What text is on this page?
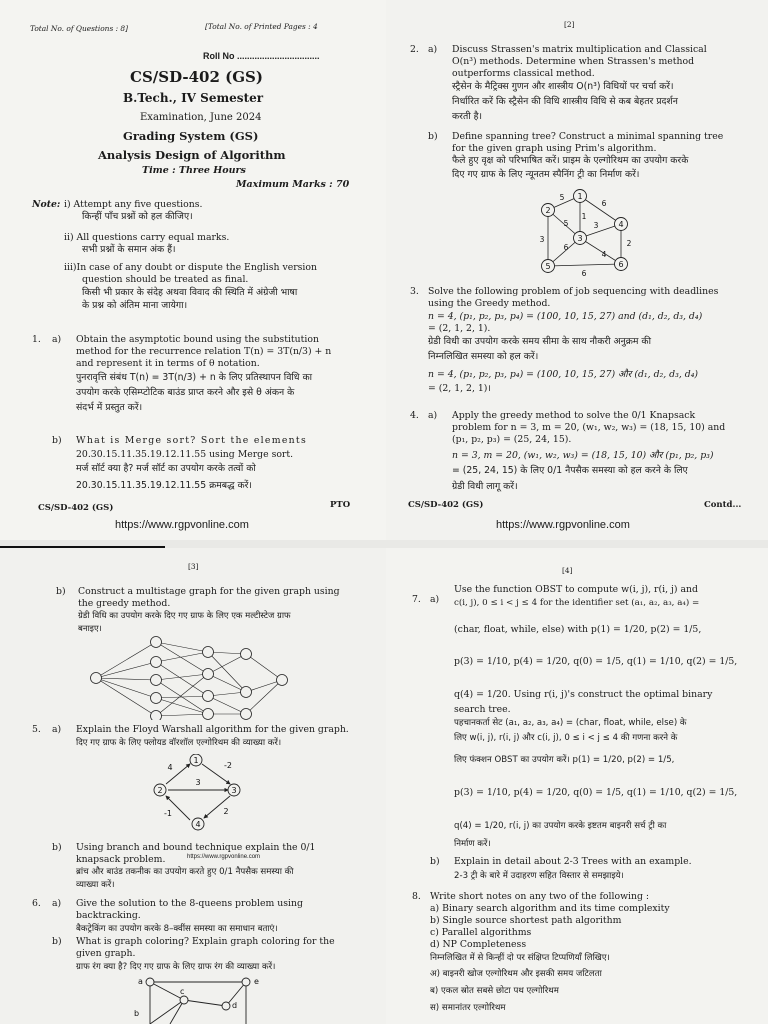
Total No. of Questions : 8]	[Total No. of Printed Pages : 4
Roll No .................................
CS/SD-402 (GS)
B.Tech., IV Semester
Examination, June 2024
Grading System (GS)
Analysis Design of Algorithm
Time : Three Hours
Maximum Marks : 70
Note: i) Attempt any five questions.
किन्हीं पाँच प्रश्नों को हल कीजिए।
ii) All questions carry equal marks.
सभी प्रश्नों के समान अंक हैं।
iii)In case of any doubt or dispute the English version
question should be treated as final.
किसी भी प्रकार के संदेह अथवा विवाद की स्थिति में अंग्रेजी भाषा
के प्रश्न को अंतिम माना जायेगा।
1. a) Obtain the asymptotic bound using the substitution
method for the recurrence relation T(n) = 3T(n/3) + n
and represent it in terms of θ notation.
पुनरावृत्ति संबंध T(n) = 3T(n/3) + n के लिए प्रतिस्थापन विधि का
उपयोग करके एसिम्प्टोटिक बाउंड प्राप्त करने और इसे θ अंकन के
संदर्भ में प्रस्तुत करें।
b) What is Merge sort? Sort the elements
20.30.15.11.35.19.12.11.55 using Merge sort.
मर्ज सॉर्ट क्या है? मर्ज सॉर्ट का उपयोग करके तत्वों को
20.30.15.11.35.19.12.11.55 क्रमबद्ध करें।
CS/SD-402 (GS)	PTO
https://www.rgpvonline.com
[2]
2. a) Discuss Strassen's matrix multiplication and Classical
O(n³) methods. Determine when Strassen's method
outperforms classical method.
स्ट्रैसेन के मैट्रिक्स गुणन और शास्त्रीय O(n³) विधियों पर चर्चा करें।
निर्धारित करें कि स्ट्रैसेन की विधि शास्त्रीय विधि से कब बेहतर प्रदर्शन
करती है।
b) Define spanning tree? Construct a minimal spanning tree
for the given graph using Prim's algorithm.
फैले हुए वृक्ष को परिभाषित करें। प्राइम के एल्गोरिथम का उपयोग करके
दिए गए ग्राफ के लिए न्यूनतम स्पैनिंग ट्री का निर्माण करें।
1
2
3
4
5	6
5
1
6
5
3
6
3
4
2
6
3. Solve the following problem of job sequencing with deadlines
using the Greedy method.
n = 4, (p₁, p₂, p₃, p₄) = (100, 10, 15, 27) and (d₁, d₂, d₃, d₄)
= (2, 1, 2, 1).
ग्रेडी विधी का उपयोग करके समय सीमा के साथ नौकरी अनुक्रम की
निम्नलिखित समस्या को हल करें।
n = 4, (p₁, p₂, p₃, p₄) = (100, 10, 15, 27) और (d₁, d₂, d₃, d₄)
= (2, 1, 2, 1)।
4. a) Apply the greedy method to solve the 0/1 Knapsack
problem for n = 3, m = 20, (w₁, w₂, w₃) = (18, 15, 10) and
(p₁, p₂, p₃) = (25, 24, 15).
n = 3, m = 20, (w₁, w₂, w₃) = (18, 15, 10) और (p₁, p₂, p₃)
= (25, 24, 15) के लिए 0/1 नैपसैक समस्या को हल करने के लिए
ग्रेडी विधी लागू करें।
CS/SD-402 (GS)	Contd...
https://www.rgpvonline.com
[3]
b) Construct a multistage graph for the given graph using
the greedy method.
ग्रेडी विधि का उपयोग करके दिए गए ग्राफ के लिए एक मल्टीस्टेज ग्राफ
बनाइए।
5. a) Explain the Floyd Warshall algorithm for the given graph.
दिए गए ग्राफ के लिए फ्लोयड वॉरशॉल एल्गोरिथम की व्याख्या करें।
1
2	3
4
4	-2
3
2
-1
b) Using branch and bound technique explain the 0/1
knapsack problem.	https://www.rgpvonline.com
ब्रांच और बाउंड तकनीक का उपयोग करते हुए 0/1 नैपसैक समस्या की
व्याख्या करें।
6. a) Give the solution to the 8-queens problem using
backtracking.
बैकट्रेकिंग का उपयोग करके 8–क्वींस समस्या का समाधान बताएं।
b) What is graph coloring? Explain graph coloring for the
given graph.
ग्राफ रंग क्या है? दिए गए ग्राफ के लिए ग्राफ रंग की व्याख्या करें।
a
b
c
d
e
[4]
7. a)
Use the function OBST to compute w(i, j), r(i, j) and
c(i, j), 0 ≤ i < j ≤ 4 for the identifier set (a₁, a₂, a₃, a₄) =
(char, float, while, else) with p(1) = 1/20, p(2) = 1/5,
p(3) = 1/10, p(4) = 1/20, q(0) = 1/5, q(1) = 1/10, q(2) = 1/5,
q(4) = 1/20. Using r(i, j)'s construct the optimal binary
search tree.
पहचानकर्ता सेट (a₁, a₂, a₃, a₄) = (char, float, while, else) के
लिए w(i, j), r(i, j) और c(i, j), 0 ≤ i < j ≤ 4 की गणना करने के
लिए फंक्शन OBST का उपयोग करें। p(1) = 1/20, p(2) = 1/5,
p(3) = 1/10, p(4) = 1/20, q(0) = 1/5, q(1) = 1/10, q(2) = 1/5,
q(4) = 1/20, r(i, j) का उपयोग करके इष्टतम बाइनरी सर्च ट्री का
निर्माण करें।
b) Explain in detail about 2-3 Trees with an example.
2-3 ट्री के बारे में उदाहरण सहित विस्तार से समझाइये।
8. Write short notes on any two of the following :
a) Binary search algorithm and its time complexity
b) Single source shortest path algorithm
c) Parallel algorithms
d) NP Completeness
निम्नलिखित में से किन्हीं दो पर संक्षिप्त टिप्पणियाँ लिखिए।
अ) बाइनरी खोज एल्गोरिथम और इसकी समय जटिलता
ब) एकल स्रोत सबसे छोटा पथ एल्गोरिथम
स) समानांतर एल्गोरिथम
